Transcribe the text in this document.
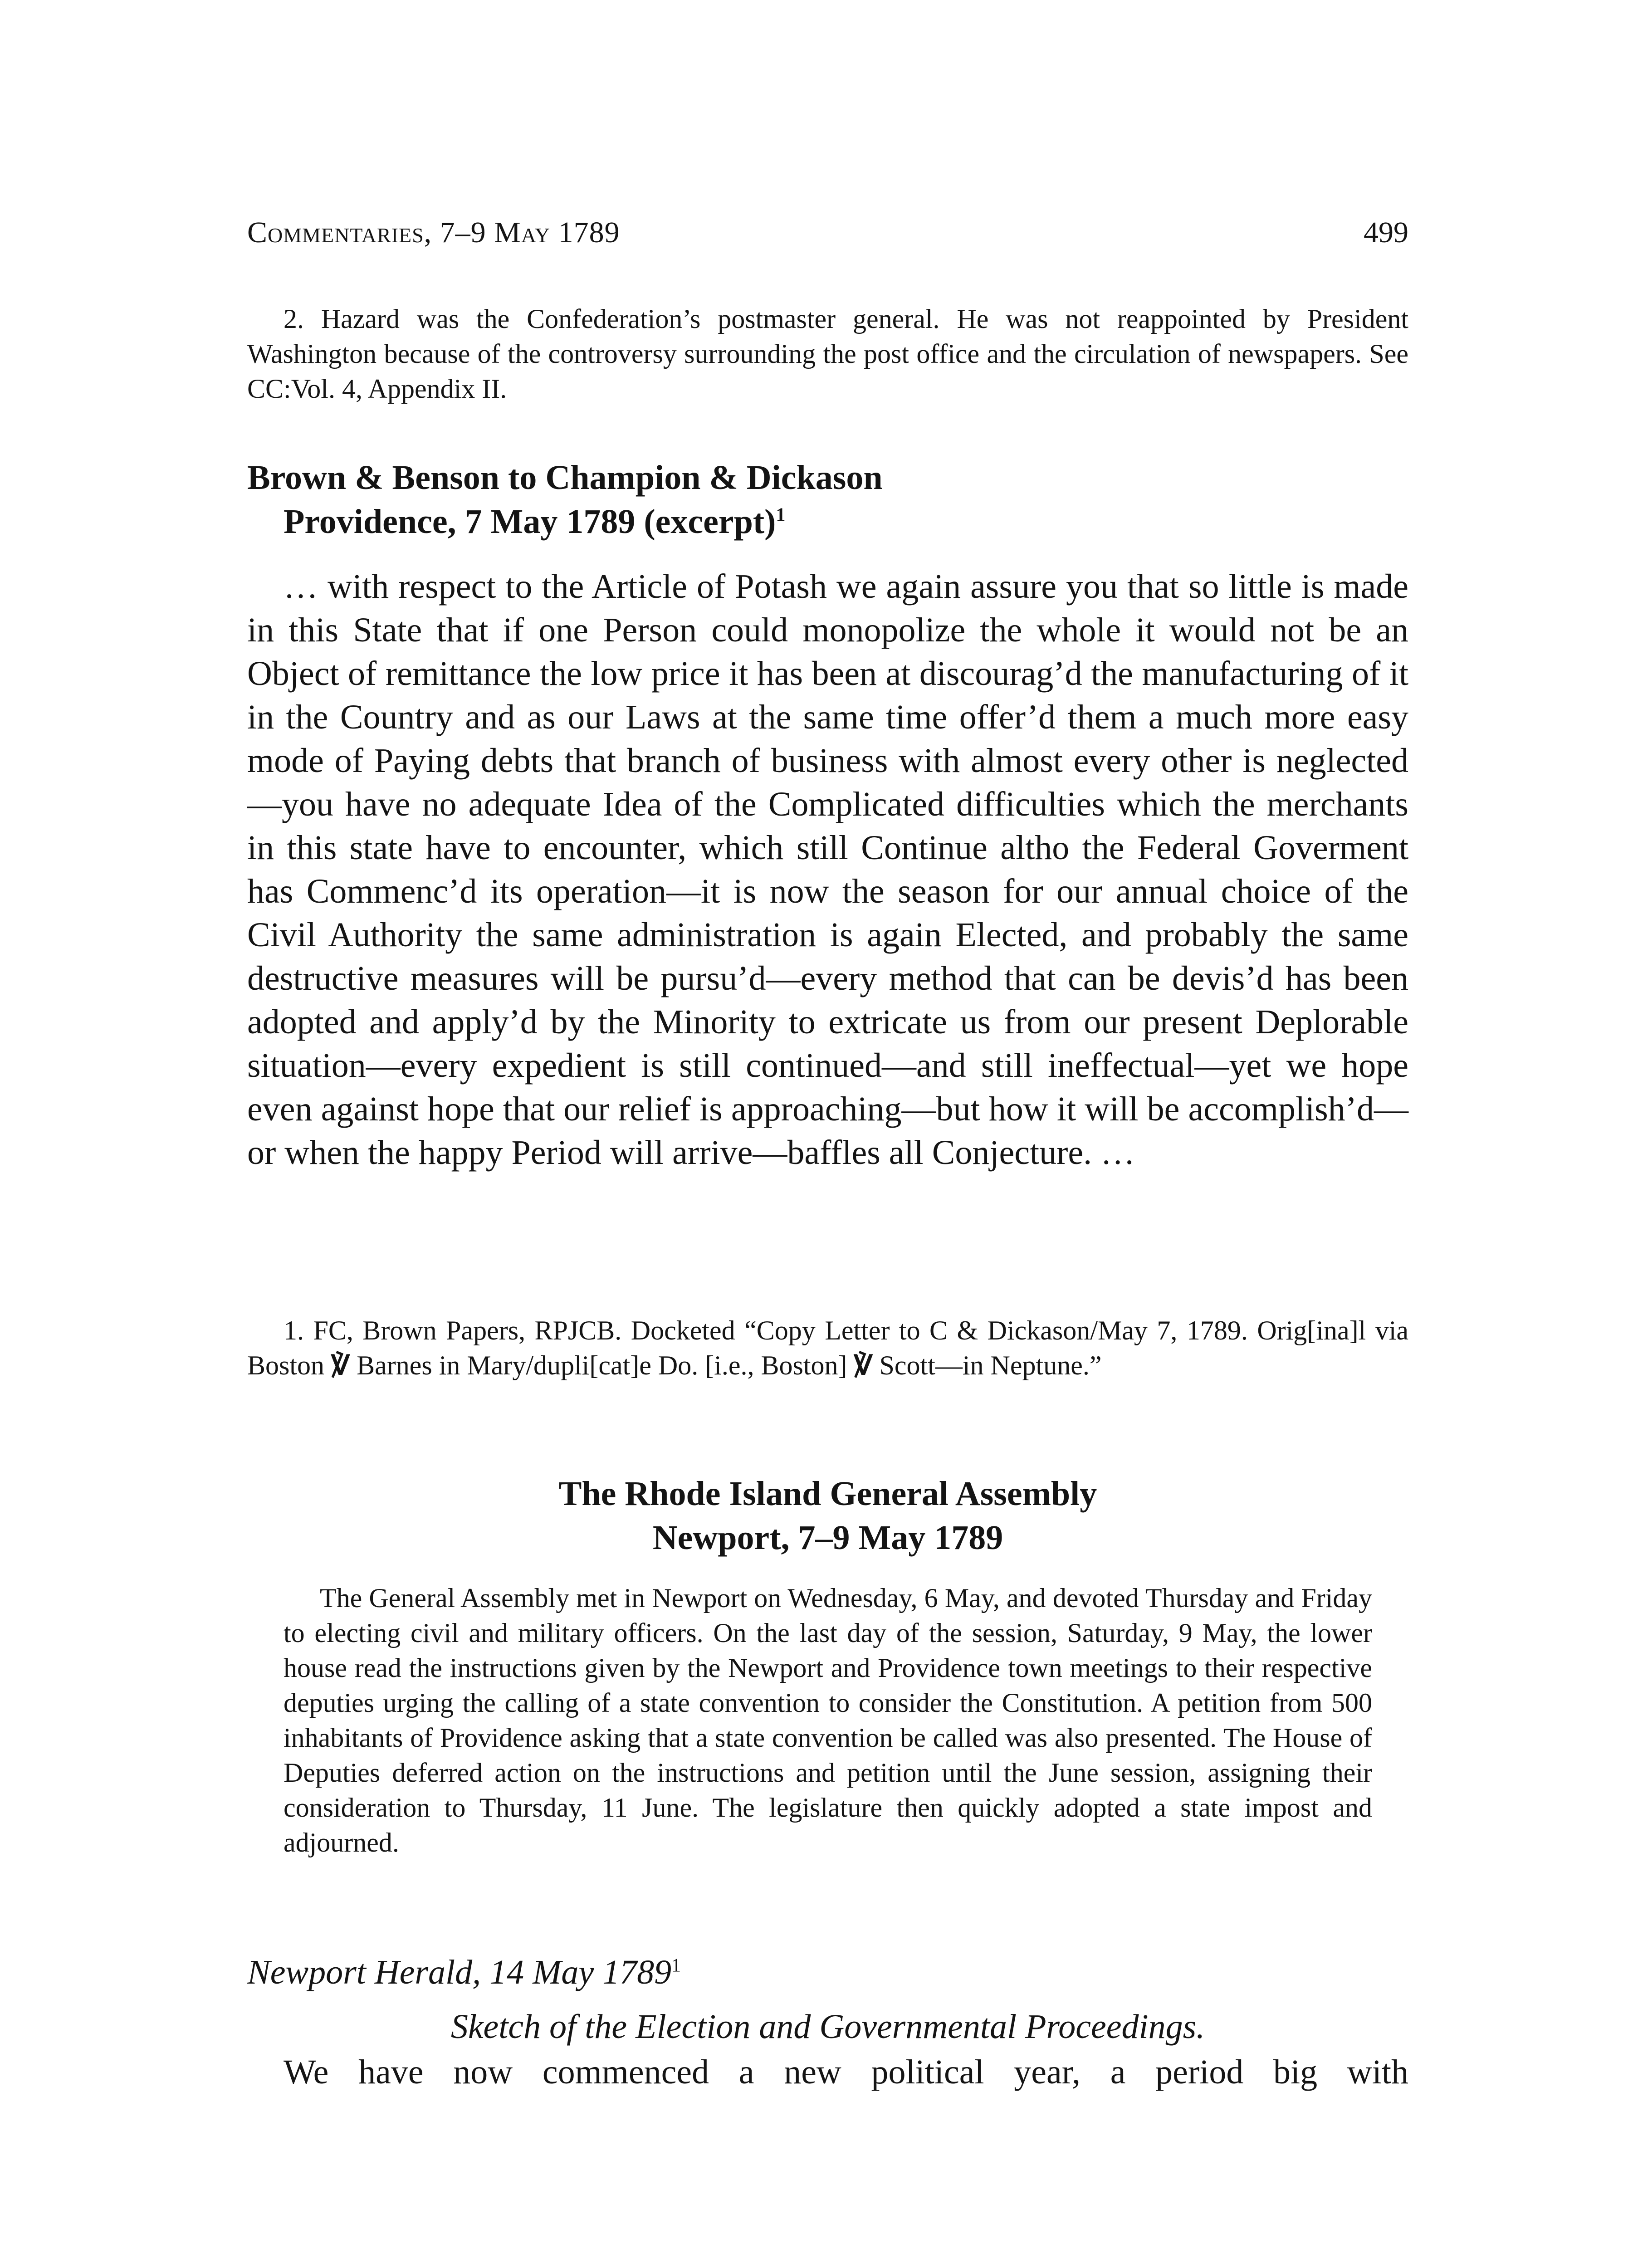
Commentaries, 7–9 May 1789	499

2. Hazard was the Confederation’s postmaster general. He was not reappointed by President Washington because of the controversy surrounding the post office and the circulation of newspapers. See CC:Vol. 4, Appendix II.

Brown & Benson to Champion & Dickason
Providence, 7 May 1789 (excerpt)$^1$

… with respect to the Article of Potash we again assure you that so little is made in this State that if one Person could monopolize the whole it would not be an Object of remittance the low price it has been at discourag’d the manufacturing of it in the Country and as our Laws at the same time offer’d them a much more easy mode of Paying debts that branch of business with almost every other is neglected—you have no adequate Idea of the Complicated difficulties which the merchants in this state have to encounter, which still Continue altho the Federal Goverment has Commenc’d its operation—it is now the season for our annual choice of the Civil Authority the same administration is again Elected, and probably the same destructive measures will be pursu’d—every method that can be devis’d has been adopted and apply’d by the Minority to extricate us from our present Deplorable situation—every expedient is still continued—and still ineffectual—yet we hope even against hope that our relief is approaching—but how it will be accomplish’d—or when the happy Period will arrive—baffles all Conjecture. …

1. FC, Brown Papers, RPJCB. Docketed “Copy Letter to C & Dickason/May 7, 1789. Orig[ina]l via Boston ℣ Barnes in Mary/dupli[cat]e Do. [i.e., Boston] ℣ Scott—in Neptune.”

The Rhode Island General Assembly
Newport, 7–9 May 1789

The General Assembly met in Newport on Wednesday, 6 May, and devoted Thursday and Friday to electing civil and military officers. On the last day of the session, Saturday, 9 May, the lower house read the instructions given by the Newport and Providence town meetings to their respective deputies urging the calling of a state convention to consider the Constitution. A petition from 500 inhabitants of Providence asking that a state convention be called was also presented. The House of Deputies deferred action on the instructions and petition until the June session, assigning their consideration to Thursday, 11 June. The legislature then quickly adopted a state impost and adjourned.

Newport Herald, 14 May 1789$^1$
Sketch of the Election and Governmental Proceedings.

We have now commenced a new political year, a period big with
